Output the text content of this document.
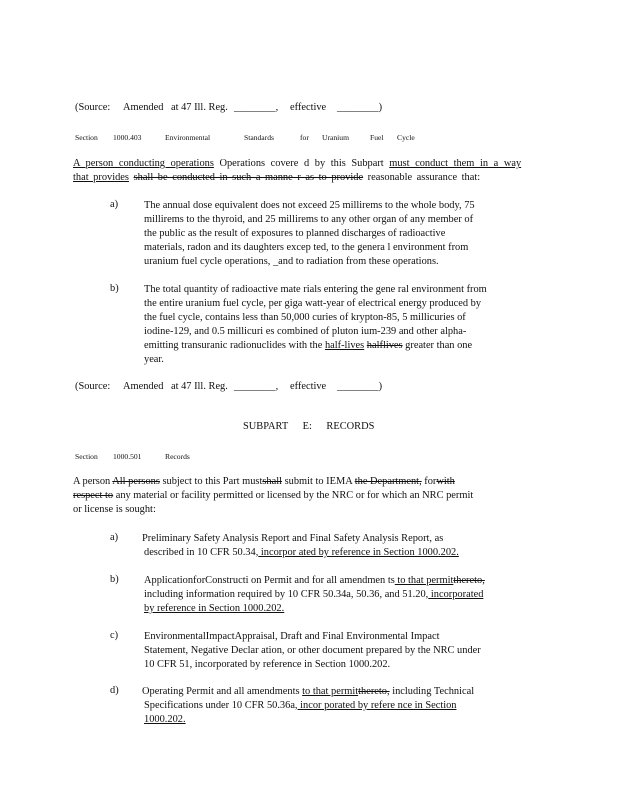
(Source: Amended at 47 Ill. Reg. ________, effective ________)
Section 1000.403	Environmental	Standards	for Uranium	Fuel Cycle
A person conducting operations Operations covere d by this Subpart must conduct them in a way
that provides shall be conducted in such a manne r as to provide reasonable assurance that:
a) The annual dose equivalent does not exceed 25 millirems to the whole body, 75
millirems to the thyroid, and 25 millirems to any other organ of any member of
the public as the result of exposures to planned discharges of radioactive
materials, radon and its daughters excep ted, to the genera l environment from
uranium fuel cycle operations, _and to radiation from these operations.
b) The total quantity of radioactive mate rials entering the gene ral environment from
the entire uranium fuel cycle, per giga watt-year of electrical energy produced by
the fuel cycle, contains less than 50,000 curies of krypton-85, 5 millicuries of
iodine-129, and 0.5 millicuri es combined of pluton ium-239 and other alpha-
emitting transuranic radionuclides with the half-lives halflives greater than one
year.
(Source: Amended at 47 Ill. Reg. ________, effective ________)
SUBPART E: RECORDS
Section 1000.501	Records
A person All persons subject to this Part mustshall submit to IEMA the Department, forwith
respect to any material or facility permitted or licensed by the NRC or for which an NRC permit
or license is sought:
a) Preliminary Safety Analysis Report and Final Safety Analysis Report, as
described in 10 CFR 50.34, incorpor ated by reference in Section 1000.202.
b) ApplicationforConstructi on Permit and for all amendmen ts to that permitthereto,
including information required by 10 CFR 50.34a, 50.36, and 51.20, incorporated
by reference in Section 1000.202.
c) EnvironmentalImpactAppraisal, Draft and Final Environmental Impact
Statement, Negative Declar ation, or other document prepared by the NRC under
10 CFR 51, incorporated by reference in Section 1000.202.
d) Operating Permit and all amendments to that permitthereto, including Technical
Specifications under 10 CFR 50.36a, incor porated by refere nce in Section
1000.202.
